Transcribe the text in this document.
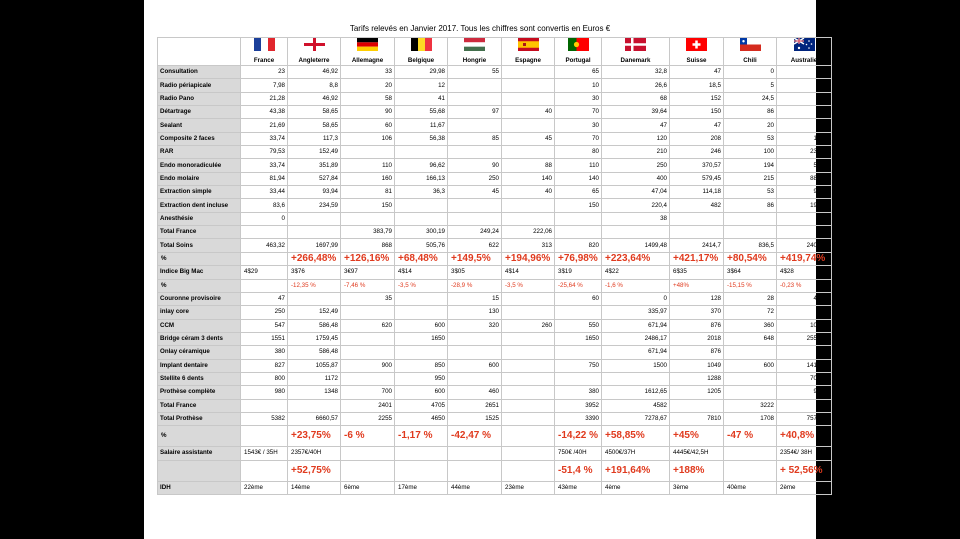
Tarifs relevés en Janvier 2017. Tous les chiffres sont convertis en Euros €

	France	Angleterre	Allemagne	Belgique	Hongrie	Espagne	Portugal	Danemark	Suisse	Chili	Australie
Consultation	23	46,92	33	29,98	55		65	32,8	47	0	44
Radio périapicale	7,98	8,8	20	12			10	26,6	18,5	5	32
Radio Pano	21,28	46,92	58	41			30	68	152	24,5	63,8
Détartrage	43,38	58,65	90	55,68	97	40	70	39,64	150	86	117
Sealant	21,69	58,65	60	11,67			30	47	47	20	29,8
Composite 2 faces	33,74	117,3	106	56,38	85	45	70	120	208	53	134,8
RAR	79,53	152,49					80	210	246	100	234,14
Endo monoradiculée	33,74	351,89	110	96,62	90	88	110	250	370,57	194	567,6
Endo molaire	81,94	527,84	160	166,13	250	140	140	400	579,45	215	886,88
Extraction simple	33,44	93,94	81	36,3	45	40	65	47,04	114,18	53	99,34
Extraction dent incluse	83,6	234,59	150				150	220,4	482	86	198,68
Anesthésie	0							38			
Total France			383,79	300,19	249,24	222,06					
Total Soins	463,32	1697,99	868	505,76	622	313	820	1499,48	2414,7	836,5	2408,04
%		+266,48%	+126,16%	+68,48%	+149,5%	+194,96%	+76,98%	+223,64%	+421,17%	+80,54%	+419,74%
Indice Big Mac	4$29	3$76	3€97	4$14	3$05	4$14	3$19	4$22	6$35	3$64	4$28
%		-12,35 %	-7,46 %	-3,5 %	-28,9 %	-3,5 %	-25,64 %	-1,6 %	+48%	-15,15 %	-0,23 %
Couronne provisoire	47		35		15		60	0	128	28	42,57
inlay core	250	152,49			130			335,97	370	72	227
CCM	547	586,48	620	600	320	260	550	671,94	876	360	1028,8
Bridge céram 3 dents	1551	1759,45		1650			1650	2486,17	2018	648	2554,24
Onlay céramique	380	586,48						671,94	876		603
Implant dentaire	827	1055,87	900	850	600		750	1500	1049	600	1419,29
Stellite 6 dents	800	1172		950					1288		709,64
Prothèse complète	980	1348	700	600	460		380	1612,65	1205		993,5
Total France			2401	4705	2651		3952	4582		3222	
Total Prothèse	5382	6660,57	2255	4650	1525		3390	7278,67	7810	1708	7578,04
%		+23,75%	-6 %	-1,17 %	-42,47 %		-14,22 %	+58,85%	+45%	-47 %	+40,8%
Salaire assistante	1543€ / 35H	2357€/40H					750€ /40H	4500€/37H	4445€/42,5H		2354€/ 38H
		+52,75%					-51,4 %	+191,64%	+188%		+ 52,56%
IDH	22ème	14ème	6ème	17ème	44ème	23ème	43ème	4ème	3ème	40ème	2ème
